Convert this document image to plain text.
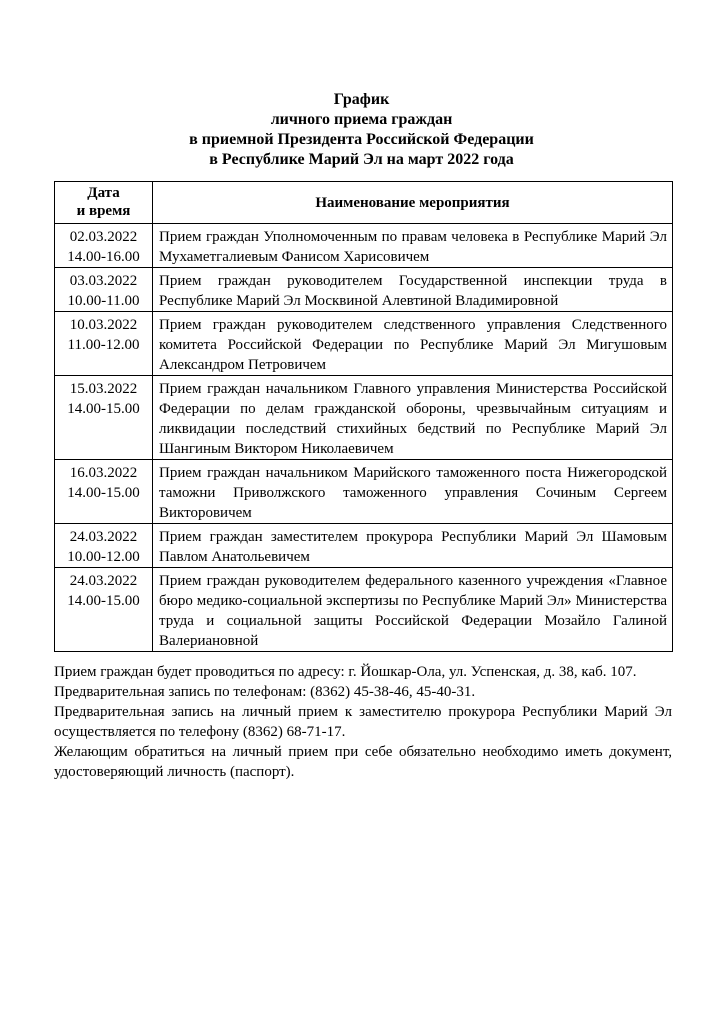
График
личного приема граждан
в приемной Президента Российской Федерации
в Республике Марий Эл на март 2022 года
Дата
и время	Наименование мероприятия

02.03.2022
14.00-16.00	Прием граждан Уполномоченным по правам человека в Республике Марий Эл Мухаметгалиевым Фанисом Харисовичем

03.03.2022
10.00-11.00	Прием граждан руководителем Государственной инспекции труда в Республике Марий Эл Москвиной Алевтиной Владимировной

10.03.2022
11.00-12.00	Прием граждан руководителем следственного управления Следственного комитета Российской Федерации по Республике Марий Эл Мигушовым Александром Петровичем

15.03.2022
14.00-15.00	Прием граждан начальником Главного управления Министерства Российской Федерации по делам гражданской обороны, чрезвычайным ситуациям и ликвидации последствий стихийных бедствий по Республике Марий Эл Шангиным Виктором Николаевичем

16.03.2022
14.00-15.00	Прием граждан начальником Марийского таможенного поста Нижегородской таможни Приволжского таможенного управления Сочиным Сергеем Викторовичем

24.03.2022
10.00-12.00	Прием граждан заместителем прокурора Республики Марий Эл Шамовым Павлом Анатольевичем

24.03.2022
14.00-15.00	Прием граждан руководителем федерального казенного учреждения «Главное бюро медико-социальной экспертизы по Республике Марий Эл» Министерства труда и социальной защиты Российской Федерации Мозайло Галиной Валериановной

Прием граждан будет проводиться по адресу: г. Йошкар-Ола, ул. Успенская, д. 38, каб. 107.

Предварительная запись по телефонам: (8362) 45-38-46, 45-40-31.

Предварительная запись на личный прием к заместителю прокурора Республики Марий Эл осуществляется по телефону (8362) 68-71-17.

Желающим обратиться на личный прием при себе обязательно необходимо иметь документ, удостоверяющий личность (паспорт).
